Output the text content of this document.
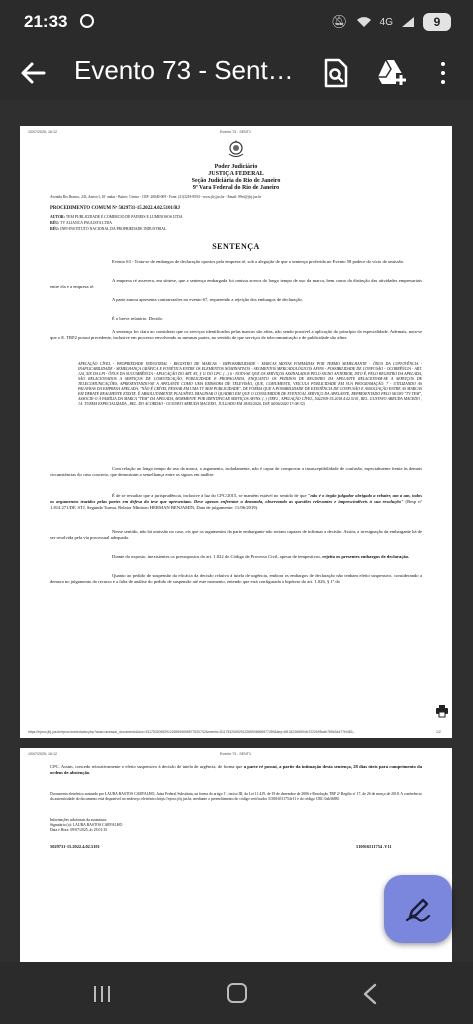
21:33	🔕︎	4G	9
Evento 73 - Sent…
10/07/2025, 16:12	Evento 73 - SENT1
Poder Judiciário
JUSTIÇA FEDERAL
Seção Judiciária do Rio de Janeiro
9ª Vara Federal do Rio de Janeiro
Avenida Rio Branco, 243, Anexo I, 10º andar - Bairro: Centro - CEP: 20040-009 - Fone: (21)3218-8594 - www.jfrj.jus.br - Email: 09vf@jfrj.jus.br
PROCEDIMENTO COMUM Nº 5029731-15.2022.4.02.5101/RJ
AUTOR: TEM PUBLICIDADE E COMERCIO DE PAINEIS E LUMINOSOS LTDA
RÉU: TV ALIANCA PAULISTA LTDA
RÉU: INPI-INSTITUTO NACIONAL DA PROPRIEDADE INDUSTRIAL
SENTENÇA
Evento 63 - Trata-se de embargos de declaração opostos pela empresa ré, sob a alegação de que a sentença proferida no Evento 58 padece do vício de omissão.
A empresa ré assevera, em síntese, que a sentença embargada foi omissa acerca do longo tempo de uso da marca, bem como da distinção das atividades empresariais entre ela e a empresa ré.
A parte autora apresenta contrarrazões no evento 67, requerendo a rejeição dos embargos de declaração.
É o breve relatório. Decido.
A sentença foi clara ao considerar que os serviços identificados pelas marcas são afins, não sendo possível a aplicação do princípio da especialidade. Ademais, nota-se que o E. TRF2 possui precedente, inclusive em processo envolvendo as mesmas partes, no sentido de que serviços de telecomunicação e de publicidade são afins:
APELAÇÃO CÍVEL - PROPRIEDADE INDUSTRIAL - REGISTRO DE MARCAS - IMPOSSIBILIDADE - MARCAS MISTAS FORMADAS POR TERMO SEMELHANTE - ÔNUS DA CONVIVÊNCIA - INAPLICABILIDADE - SEMELHANÇA GRÁFICA E FONÉTICA ENTRE OS ELEMENTOS NOMINATIVOS - SEGMENTOS MERCADOLÓGICOS AFINS - POSSIBILIDADE DE CONFUSÃO - OCORRÊNCIA - ART. 124, XIX DA LPI - ÔNUS DA SUCUMBÊNCIA - APLICAÇÃO DO ART. 85, § 11 DO CPC. (...) 6 - NOTA-SE QUE OS SERVIÇOS ASSINALADOS PELO SIGNO ANTERIOR, ISTO É, PELO REGISTRO DA APELADA, SÃO RELACIONADOS A SERVIÇOS DE COMUNICAÇÃO, PUBLICIDADE E PROPAGANDA, ENQUANTO OS PEDIDOS DE REGISTRO DA APELANTE RELACIONAM-SE A SERVIÇOS DE TELECOMUNICAÇÕES, APRESENTANDO-SE A APELANTE COMO UMA EMISSORA DE TELEVISÃO, QUE, COMUMENTE, VEICULA PUBLICIDADE EM SUA PROGRAMAÇÃO. 7 - UTILIZANDO AS PALAVRAS DA EMPRESA APELADA, "NÃO É CRÍVEL PENSAR EM UMA TV SEM PUBLICIDADE", DE FORMA QUE A POSSIBILIDADE DE EXISTÊNCIA DE CONFUSÃO E ASSOCIAÇÃO ENTRE AS MARCAS EM DEBATE REALMENTE EXISTE. É ABSOLUTAMENTE PLAUSÍVEL IMAGINAR O QUADRO EM QUE O CONSUMIDOR DE EVENTUAL SERVIÇO DA APELANTE, REPRESENTADO PELO SIGNO "TV TEM", ASSOCIE-O À FAMÍLIA DA MARCA "TEM" DA APELADA, MORMENTE POR IDENTIFICAR SERVIÇOS AFINS. (..) (TRF2 , APELAÇÃO CÍVEL, 5022309-35.2018.4.02.5101, REL. GUSTAVO ARRUDA MACEDO , 1A. TURMA ESPECIALIZADA , REL. DO ACORDAO - GUSTAVO ARRUDA MACEDO, JULGADO EM 18/05/2020, DJE 04/06/2020 17:08:32)
Com relação ao longo tempo de uso da marca, o argumento, isoladamente, não é capaz de comprovar a insusceptibilidade de confusão, especialmente frente às demais circunstâncias do caso concreto, que demostram a semelhança entre os signos em análise.
É de se ressaltar que a jurisprudência, inclusive à luz do CPC/2015, se mantém estável no sentido de que "não é o órgão julgador obrigado a rebater, um a um, todos os argumentos trazidos pelas partes em defesa da tese que apresentam. Deve apenas enfrentar a demanda, observando as questões relevantes e imprescindíveis à sua resolução" (Resp nº 1.814.271/DF, STJ, Segunda Turma, Relator Ministro HERMAN BENJAMIN, Data de julgamento: 11/06/2019).
Nesse sentido, não há omissão no caso, eis que os argumentos da parte embargante não seriam capazes de infirmar a decisão. Assim, a irresignação da embargante há de ser resolvida pela via processual adequada.
Diante do exposto, inexistentes os pressupostos do art. 1.022 do Código de Processo Civil, apesar de tempestivos, rejeito os presentes embargos de declaração.
Quanto ao pedido de suspensão da eficácia da decisão relativa à tutela de urgência, embora os embargos de declaração não tenham efeito suspensivo, considerando a demora no julgamento do recurso e a falta de análise do pedido de suspensão até este momento, entendo que está configurada a hipótese do art. 1.026, § 1º do
https://eproc.jfrj.jus.br/eproc/controlador.php?acao=acessar_documento&doc=51175320692912265906696577520742&evento=51175320692912265906696577459&key=6f1342266594fc7222b95cdb785b34d77f4483...	1/2
10/07/2025, 16:12	Evento 73 - SENT1
CPC. Assim, concedo retroativamente o efeito suspensivo à decisão de tutela de urgência, de forma que a parte ré possui, a partir da intimação desta sentença, 28 dias úteis para cumprimento da ordem de abstenção.
Documento eletrônico assinado por LAURA BASTOS CARVALHO, Juíza Federal Substituta, na forma do artigo 1º, inciso III, da Lei 11.419, de 19 de dezembro de 2006 e Resolução TRF 2ª Região nº 17, de 26 de março de 2018. A conferência da autenticidade do documento está disponível no endereço eletrônico https://eproc.jfrj.jus.br, mediante o preenchimento do código verificador 510016511754v11 e do código CRC 0ab3688f.
Informações adicionais da assinatura:
Signatário (a): LAURA BASTOS CARVALHO
Data e Hora: 09/07/2025, às 18:01:35
5029731-15.2022.4.02.5101	510016511754 .V11
